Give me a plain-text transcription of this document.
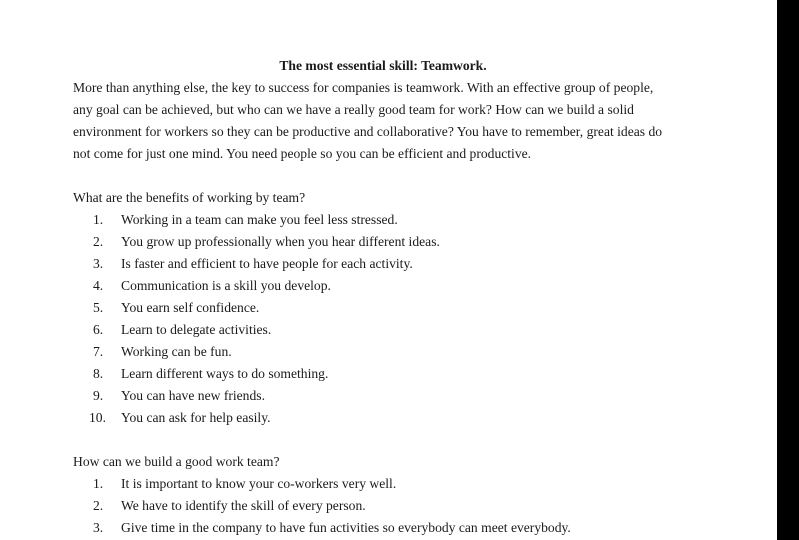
The most essential skill: Teamwork.

More than anything else, the key to success for companies is teamwork. With an effective group of people,
any goal can be achieved, but who can we have a really good team for work? How can we build a solid
environment for workers so they can be productive and collaborative? You have to remember, great ideas do
not come for just one mind. You need people so you can be efficient and productive.

What are the benefits of working by team?

1.	Working in a team can make you feel less stressed.
2.	You grow up professionally when you hear different ideas.
3.	Is faster and efficient to have people for each activity.
4.	Communication is a skill you develop.
5.	You earn self confidence.
6.	Learn to delegate activities.
7.	Working can be fun.
8.	Learn different ways to do something.
9.	You can have new friends.
10.	You can ask for help easily.

How can we build a good work team?

1.	It is important to know your co-workers very well.
2.	We have to identify the skill of every person.
3.	Give time in the company to have fun activities so everybody can meet everybody.
